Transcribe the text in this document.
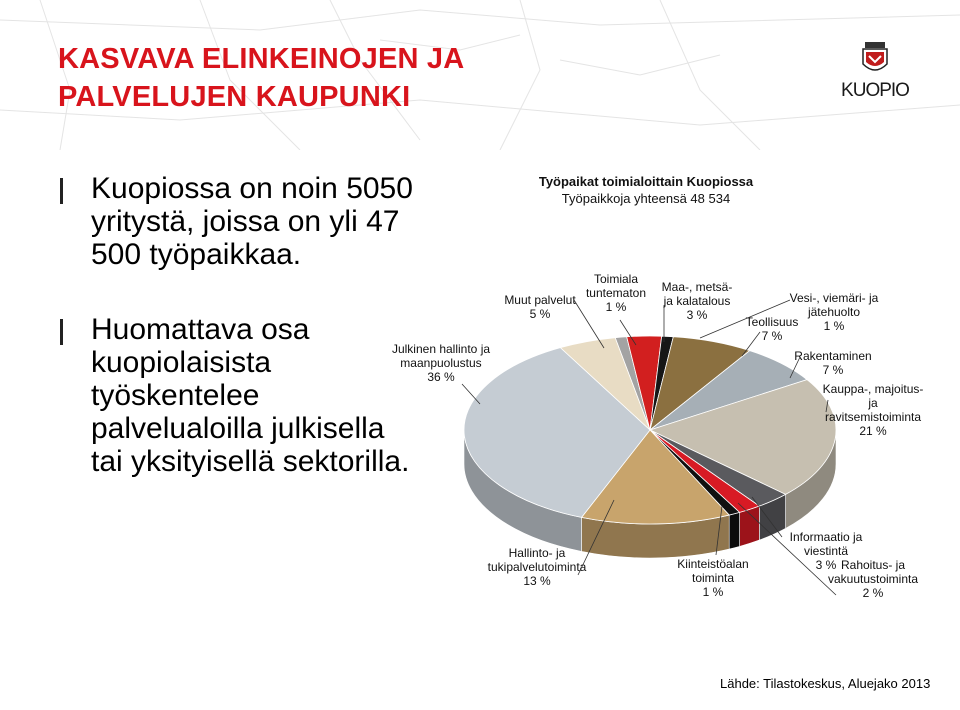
KASVAVA ELINKEINOJEN JA
PALVELUJEN KAUPUNKI	KUOPIO
Kuopiossa on noin 5050 yritystä, joissa on yli 47 500 työpaikkaa.
Huomattava osa kuopiolaisista työskentelee palvelualoilla julkisella tai yksityisellä sektorilla.
Työpaikat toimialoittain Kuopiossa
Työpaikkoja yhteensä 48 534
Toimiala tuntematon 1 %
Maa-, metsä-ja kalatalous 3 %
Vesi-, viemäri- ja jätehuolto 1 %
Teollisuus 7 %
Rakentaminen 7 %
Kauppa-, majoitus-ja ravitsemistoiminta 21 %
Informaatio ja viestintä 3 % Rahoitus- ja vakuutustoiminta 2 %
Kiinteistöalan toiminta 1 %
Hallinto- ja tukipalvelutoiminta 13 %
Julkinen hallinto ja maanpuolustus 36 %
Muut palvelut 5 %
Lähde: Tilastokeskus, Aluejako 2013
